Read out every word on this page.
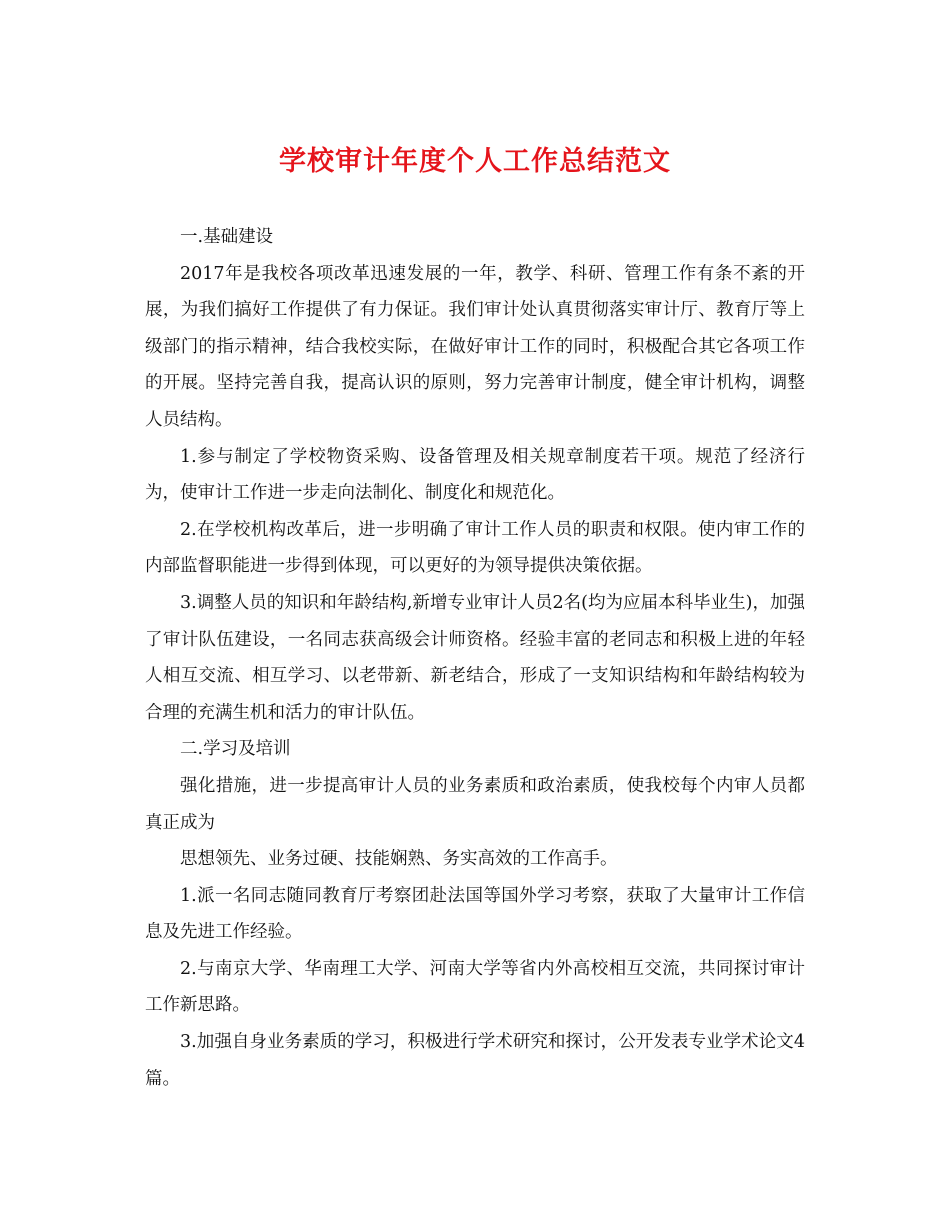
学校审计年度个人工作总结范文

一.基础建设

2017年是我校各项改革迅速发展的一年，教学、科研、管理工作有条不紊的开展，为我们搞好工作提供了有力保证。我们审计处认真贯彻落实审计厅、教育厅等上级部门的指示精神，结合我校实际，在做好审计工作的同时，积极配合其它各项工作的开展。坚持完善自我，提高认识的原则，努力完善审计制度，健全审计机构，调整人员结构。

1.参与制定了学校物资采购、设备管理及相关规章制度若干项。规范了经济行为，使审计工作进一步走向法制化、制度化和规范化。

2.在学校机构改革后，进一步明确了审计工作人员的职责和权限。使内审工作的内部监督职能进一步得到体现，可以更好的为领导提供决策依据。

3.调整人员的知识和年龄结构,新增专业审计人员2名(均为应届本科毕业生)，加强了审计队伍建设，一名同志获高级会计师资格。经验丰富的老同志和积极上进的年轻人相互交流、相互学习、以老带新、新老结合，形成了一支知识结构和年龄结构较为合理的充满生机和活力的审计队伍。

二.学习及培训

强化措施，进一步提高审计人员的业务素质和政治素质，使我校每个内审人员都真正成为

思想领先、业务过硬、技能娴熟、务实高效的工作高手。

1.派一名同志随同教育厅考察团赴法国等国外学习考察，获取了大量审计工作信息及先进工作经验。

2.与南京大学、华南理工大学、河南大学等省内外高校相互交流，共同探讨审计工作新思路。

3.加强自身业务素质的学习，积极进行学术研究和探讨，公开发表专业学术论文4篇。
